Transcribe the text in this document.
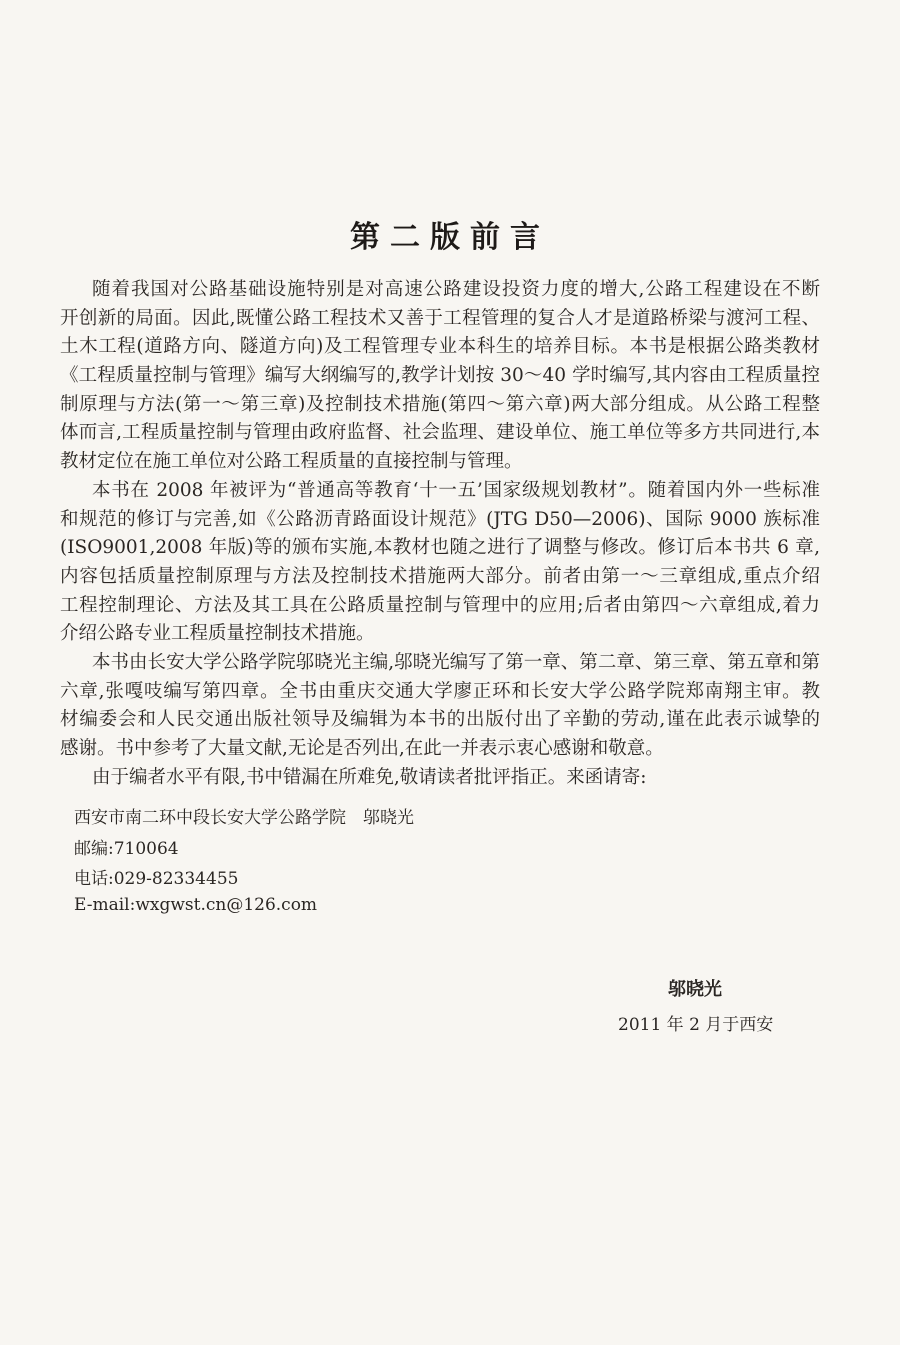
第二版前言
随着我国对公路基础设施特别是对高速公路建设投资力度的增大,公路工程建设在不断
开创新的局面。因此,既懂公路工程技术又善于工程管理的复合人才是道路桥梁与渡河工程、
土木工程(道路方向、隧道方向)及工程管理专业本科生的培养目标。本书是根据公路类教材
《工程质量控制与管理》编写大纲编写的,教学计划按 30～40 学时编写,其内容由工程质量控
制原理与方法(第一～第三章)及控制技术措施(第四～第六章)两大部分组成。从公路工程整
体而言,工程质量控制与管理由政府监督、社会监理、建设单位、施工单位等多方共同进行,本
教材定位在施工单位对公路工程质量的直接控制与管理。
本书在 2008 年被评为“普通高等教育‘十一五’国家级规划教材”。随着国内外一些标准
和规范的修订与完善,如《公路沥青路面设计规范》(JTG D50—2006)、国际 9000 族标准
(ISO9001,2008 年版)等的颁布实施,本教材也随之进行了调整与修改。修订后本书共 6 章,
内容包括质量控制原理与方法及控制技术措施两大部分。前者由第一～三章组成,重点介绍
工程控制理论、方法及其工具在公路质量控制与管理中的应用;后者由第四～六章组成,着力
介绍公路专业工程质量控制技术措施。
本书由长安大学公路学院邬晓光主编,邬晓光编写了第一章、第二章、第三章、第五章和第
六章,张嘎吱编写第四章。全书由重庆交通大学廖正环和长安大学公路学院郑南翔主审。教
材编委会和人民交通出版社领导及编辑为本书的出版付出了辛勤的劳动,谨在此表示诚挚的
感谢。书中参考了大量文献,无论是否列出,在此一并表示衷心感谢和敬意。
由于编者水平有限,书中错漏在所难免,敬请读者批评指正。来函请寄:
西安市南二环中段长安大学公路学院　邬晓光
邮编:710064
电话:029-82334455
E-mail:wxgwst.cn@126.com
邬晓光
2011 年 2 月于西安
